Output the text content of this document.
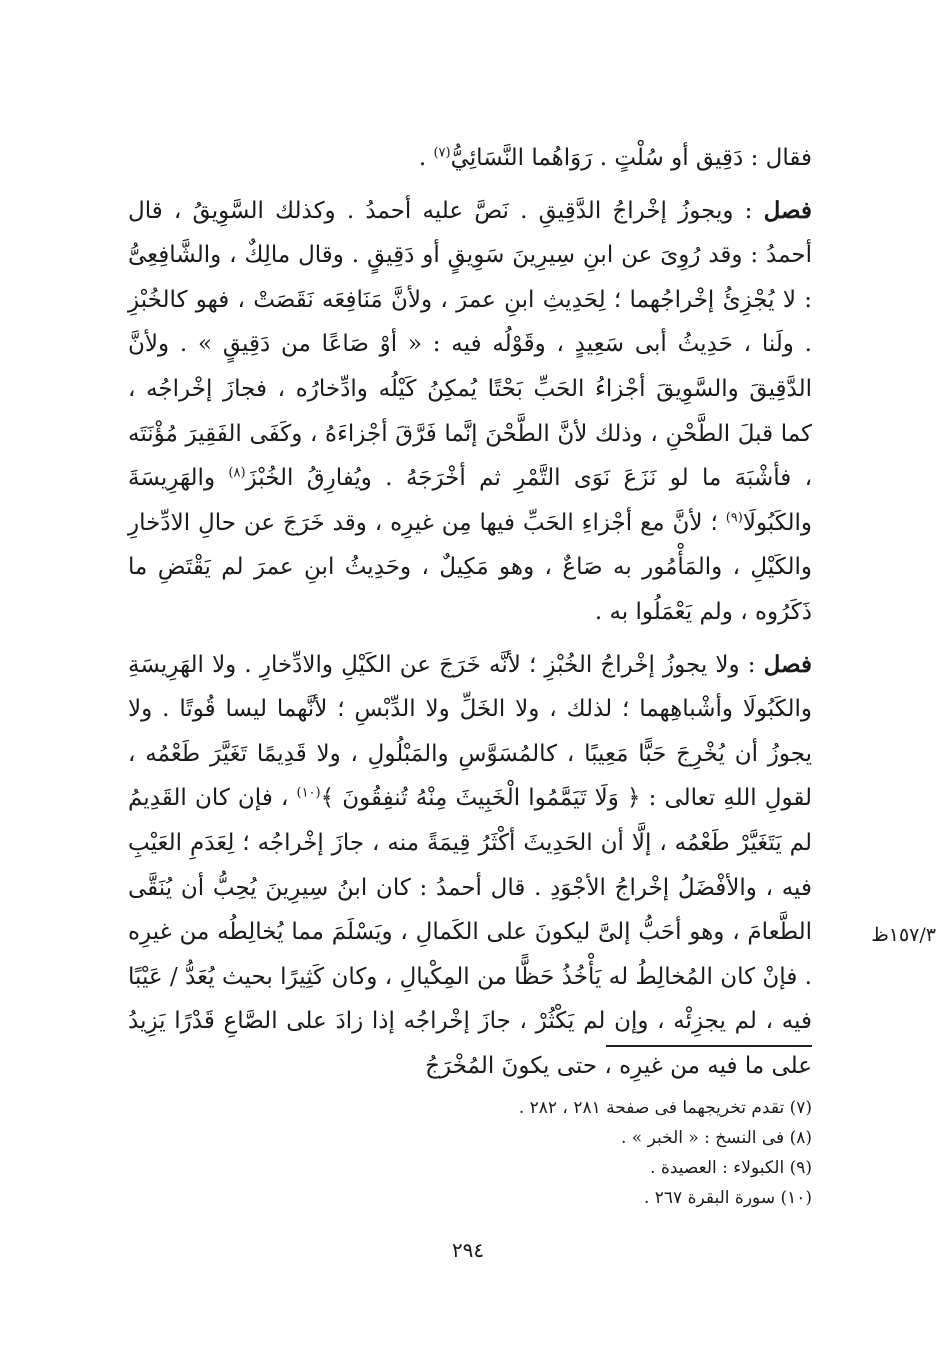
فقال : دَقِيق أو سُلْتٍ . رَوَاهُما النَّسَائِيُّ$^{(٧)}$ .

فصل : ويجوزُ إخْراجُ الدَّقِيقِ . نَصَّ عليه أحمدُ . وكذلك السَّوِيقُ ، قال أحمدُ : وقد رُوِىَ عن ابنِ سِيرِينَ سَوِيقٍ أو دَقِيقٍ . وقال مالِكٌ ، والشَّافِعِىُّ : لا يُجْزِئُ إخْراجُهما ؛ لِحَدِيثِ ابنِ عمرَ ، ولأنَّ مَنَافِعَه نَقَصَتْ ، فهو كالخُبْزِ . ولَنا ، حَدِيثُ أبى سَعِيدٍ ، وقَوْلُه فيه : « أوْ صَاعًا من دَقِيقٍ » . ولأنَّ الدَّقِيقَ والسَّوِيقَ أجْزاءُ الحَبِّ بَحْتًا يُمكِنُ كَيْلُه وادِّخارُه ، فجازَ إخْراجُه ، كما قبلَ الطَّحْنِ ، وذلك لأنَّ الطَّحْنَ إنَّما فَرَّقَ أجْزاءَهُ ، وكَفَى الفَقِيرَ مُؤْنَتَه ، فأشْبَهَ ما لو نَزَعَ نَوَى التَّمْرِ ثم أخْرَجَهُ . ويُفارِقُ الخُبْزَ$^{(٨)}$ والهَرِيسَةَ والكَبُولَا$^{(٩)}$ ؛ لأنَّ مع أجْزاءِ الحَبِّ فيها مِن غيرِه ، وقد خَرَجَ عن حالِ الادِّخارِ والكَيْلِ ، والمَأْمُور به صَاعٌ ، وهو مَكِيلٌ ، وحَدِيثُ ابنِ عمرَ لم يَقْتَضِ ما ذَكَرُوه ، ولم يَعْمَلُوا به .

فصل : ولا يجوزُ إخْراجُ الخُبْزِ ؛ لأنَّه خَرَجَ عن الكَيْلِ والادِّخارِ . ولا الهَرِيسَةِ والكَبُولَا وأشْباهِهما ؛ لذلك ، ولا الخَلِّ ولا الدِّبْسِ ؛ لأنَّهما ليسا قُوتًا . ولا يجوزُ أن يُخْرِجَ حَبًّا مَعِيبًا ، كالمُسَوَّسِ والمَبْلُولِ ، ولا قَدِيمًا تَغَيَّرَ طَعْمُه ، لقولِ اللهِ تعالى : ﴿ وَلَا تَيَمَّمُوا الْخَبِيثَ مِنْهُ تُنفِقُونَ ﴾$^{(١٠)}$ ، فإن كان القَدِيمُ لم يَتَغَيَّرْ طَعْمُه ، إلَّا أن الحَدِيثَ أكْثَرُ قِيمَةً منه ، جازَ إخْراجُه ؛ لِعَدَمِ العَيْبِ فيه ، والأفْضَلُ إخْراجُ الأجْوَدِ . قال أحمدُ : كان ابنُ سِيرِينَ يُحِبُّ أن يُنَقَّى الطَّعامَ ، وهو أحَبُّ إلىَّ ليكونَ على الكَمالِ ، ويَسْلَمَ مما يُخالِطُه من غيرِه . فإنْ كان المُخالِطُ له يَأْخُذُ حَظًّا من المِكْيالِ ، وكان كَثِيرًا بحيث يُعَدُّ / عَيْبًا فيه ، لم يجزِئْه ، وإن لم يَكْثُرْ ، جازَ إخْراجُه إذا زادَ على الصَّاعِ قَدْرًا يَزِيدُ على ما فيه من غيرِه ، حتى يكونَ المُخْرَجُ

١٥٧/٣ظ
(٧) تقدم تخريجهما فى صفحة ٢٨١ ، ٢٨٢ .
(٨) فى النسخ : « الخبر » .
(٩) الكبولاء : العصيدة .
(١٠) سورة البقرة ٢٦٧ .
٢٩٤
